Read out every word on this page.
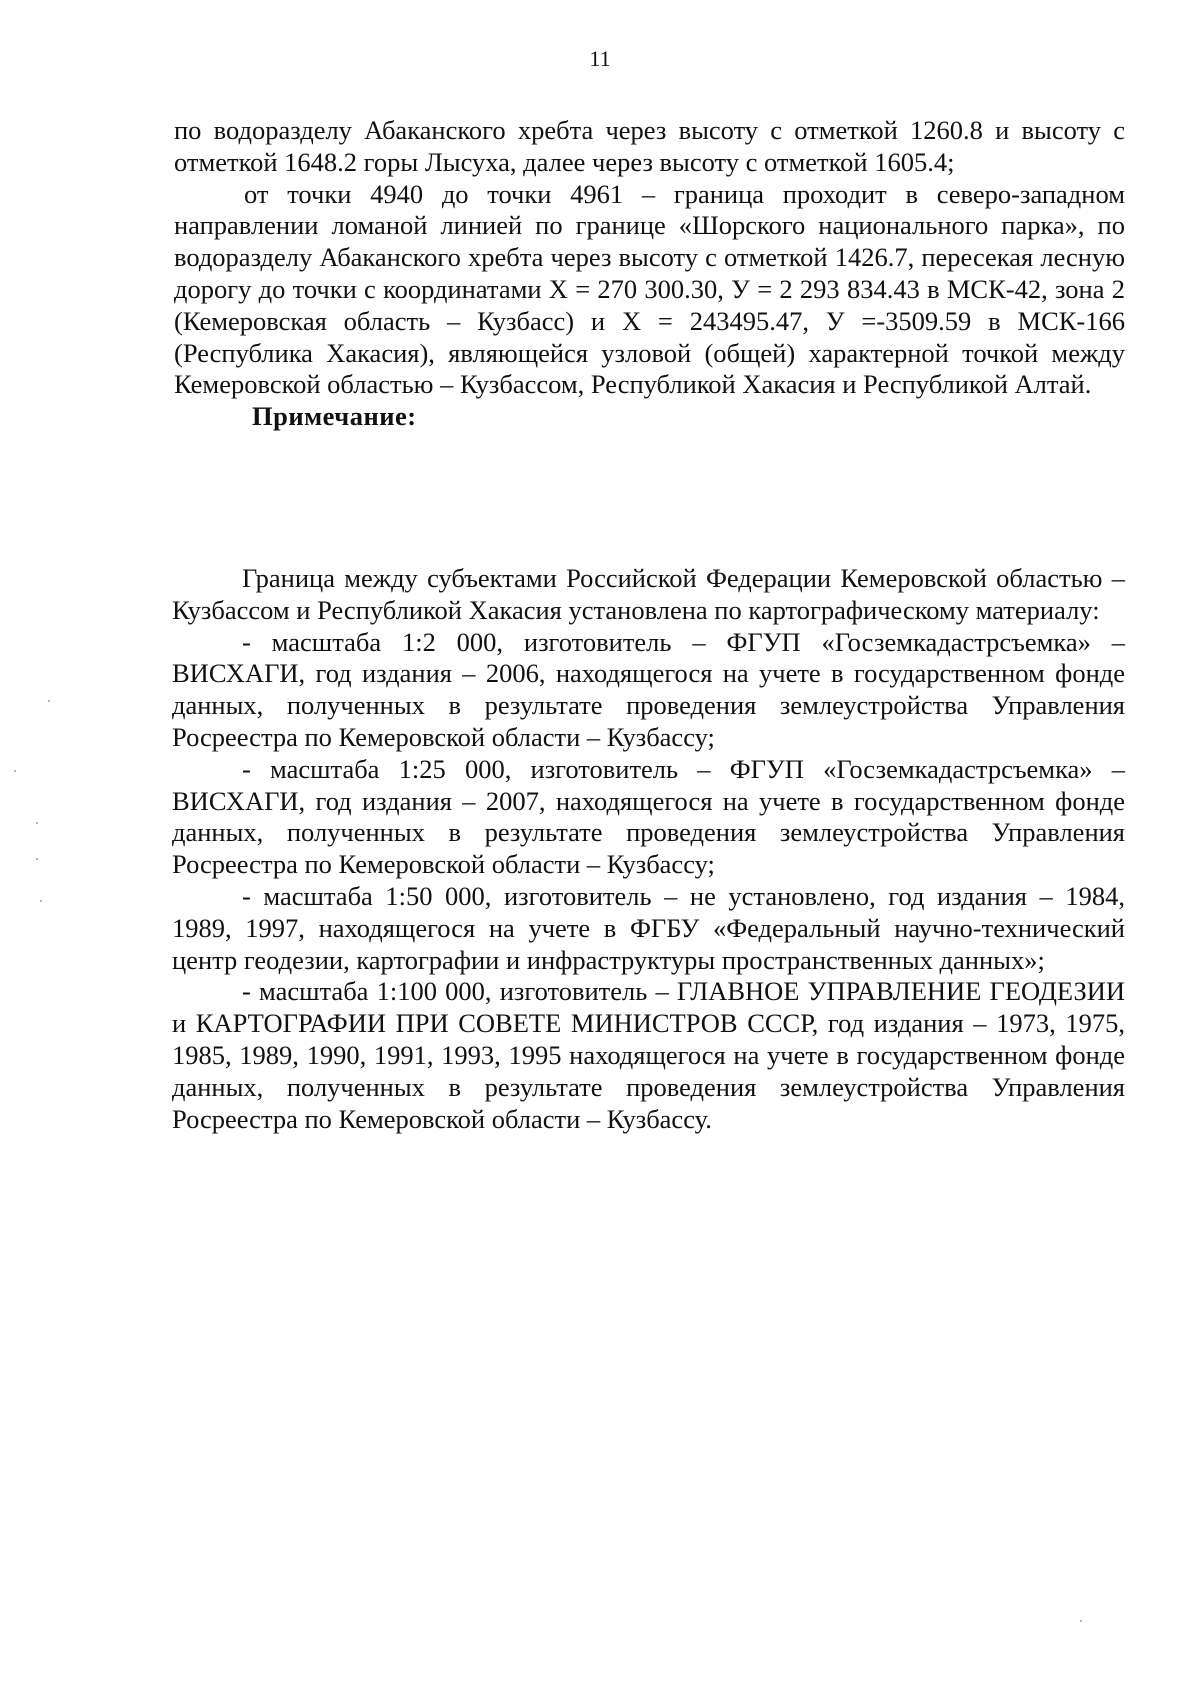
11

по водоразделу Абаканского хребта через высоту с отметкой 1260.8 и высоту с отметкой 1648.2 горы Лысуха, далее через высоту с отметкой 1605.4;

от точки 4940 до точки 4961 – граница проходит в северо-западном направлении ломаной линией по границе «Шорского национального парка», по водоразделу Абаканского хребта через высоту с отметкой 1426.7, пересекая лесную дорогу до точки с координатами Х = 270 300.30, У = 2 293 834.43 в МСК-42, зона 2 (Кемеровская область – Кузбасс) и Х = 243495.47, У =-3509.59 в МСК-166 (Республика Хакасия), являющейся узловой (общей) характерной точкой между Кемеровской областью – Кузбассом, Республикой Хакасия и Республикой Алтай.

Примечание:

Граница между субъектами Российской Федерации Кемеровской областью – Кузбассом и Республикой Хакасия установлена по картографическому материалу:

- масштаба 1:2 000, изготовитель – ФГУП «Госземкадастрсъемка» – ВИСХАГИ, год издания – 2006, находящегося на учете в государственном фонде данных, полученных в результате проведения землеустройства Управления Росреестра по Кемеровской области – Кузбассу;

- масштаба 1:25 000, изготовитель – ФГУП «Госземкадастрсъемка» – ВИСХАГИ, год издания – 2007, находящегося на учете в государственном фонде данных, полученных в результате проведения землеустройства Управления Росреестра по Кемеровской области – Кузбассу;

- масштаба 1:50 000, изготовитель – не установлено, год издания – 1984, 1989, 1997, находящегося на учете в ФГБУ «Федеральный научно-технический центр геодезии, картографии и инфраструктуры пространственных данных»;

- масштаба 1:100 000, изготовитель – ГЛАВНОЕ УПРАВЛЕНИЕ ГЕОДЕЗИИ и КАРТОГРАФИИ ПРИ СОВЕТЕ МИНИСТРОВ СССР, год издания – 1973, 1975, 1985, 1989, 1990, 1991, 1993, 1995 находящегося на учете в государственном фонде данных, полученных в результате проведения землеустройства Управления Росреестра по Кемеровской области – Кузбассу.
